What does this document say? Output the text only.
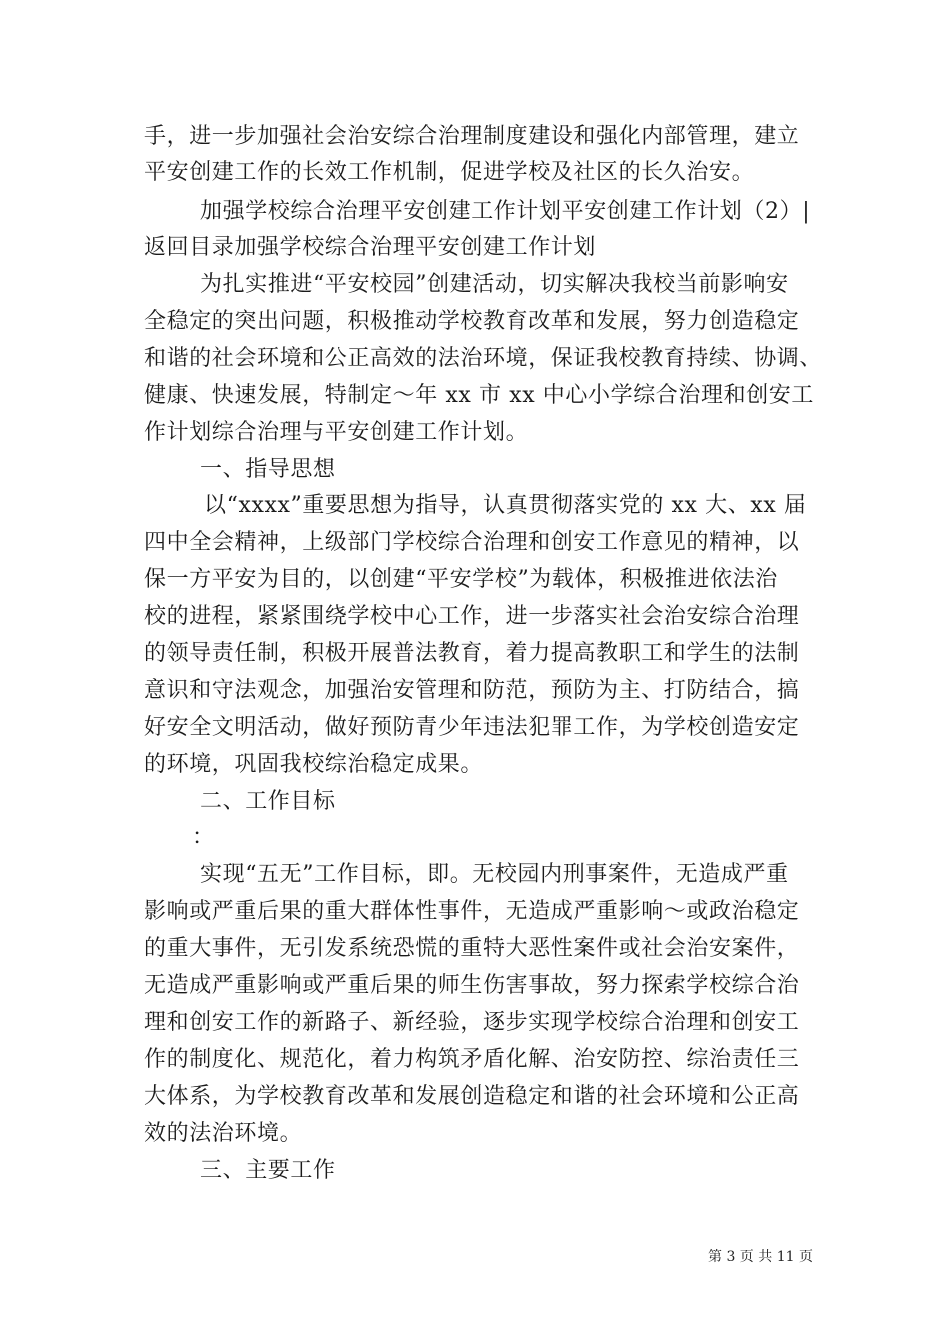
手，进一步加强社会治安综合治理制度建设和强化内部管理，建立
平安创建工作的长效工作机制，促进学校及社区的长久治安。
加强学校综合治理平安创建工作计划平安创建工作计划（2）|
返回目录加强学校综合治理平安创建工作计划
为扎实推进“平安校园”创建活动，切实解决我校当前影响安
全稳定的突出问题，积极推动学校教育改革和发展，努力创造稳定
和谐的社会环境和公正高效的法治环境，保证我校教育持续、协调、
健康、快速发展，特制定～年 xx 市 xx 中心小学综合治理和创安工
作计划综合治理与平安创建工作计划。
一、指导思想
以“xxxx”重要思想为指导，认真贯彻落实党的 xx 大、xx 届
四中全会精神，上级部门学校综合治理和创安工作意见的精神，以
保一方平安为目的，以创建“平安学校”为载体，积极推进依法治
校的进程，紧紧围绕学校中心工作，进一步落实社会治安综合治理
的领导责任制，积极开展普法教育，着力提高教职工和学生的法制
意识和守法观念，加强治安管理和防范，预防为主、打防结合，搞
好安全文明活动，做好预防青少年违法犯罪工作，为学校创造安定
的环境，巩固我校综治稳定成果。
二、工作目标
：
实现“五无”工作目标，即。无校园内刑事案件，无造成严重
影响或严重后果的重大群体性事件，无造成严重影响～或政治稳定
的重大事件，无引发系统恐慌的重特大恶性案件或社会治安案件，
无造成严重影响或严重后果的师生伤害事故，努力探索学校综合治
理和创安工作的新路子、新经验，逐步实现学校综合治理和创安工
作的制度化、规范化，着力构筑矛盾化解、治安防控、综治责任三
大体系，为学校教育改革和发展创造稳定和谐的社会环境和公正高
效的法治环境。
三、主要工作
第 3 页 共 11 页
